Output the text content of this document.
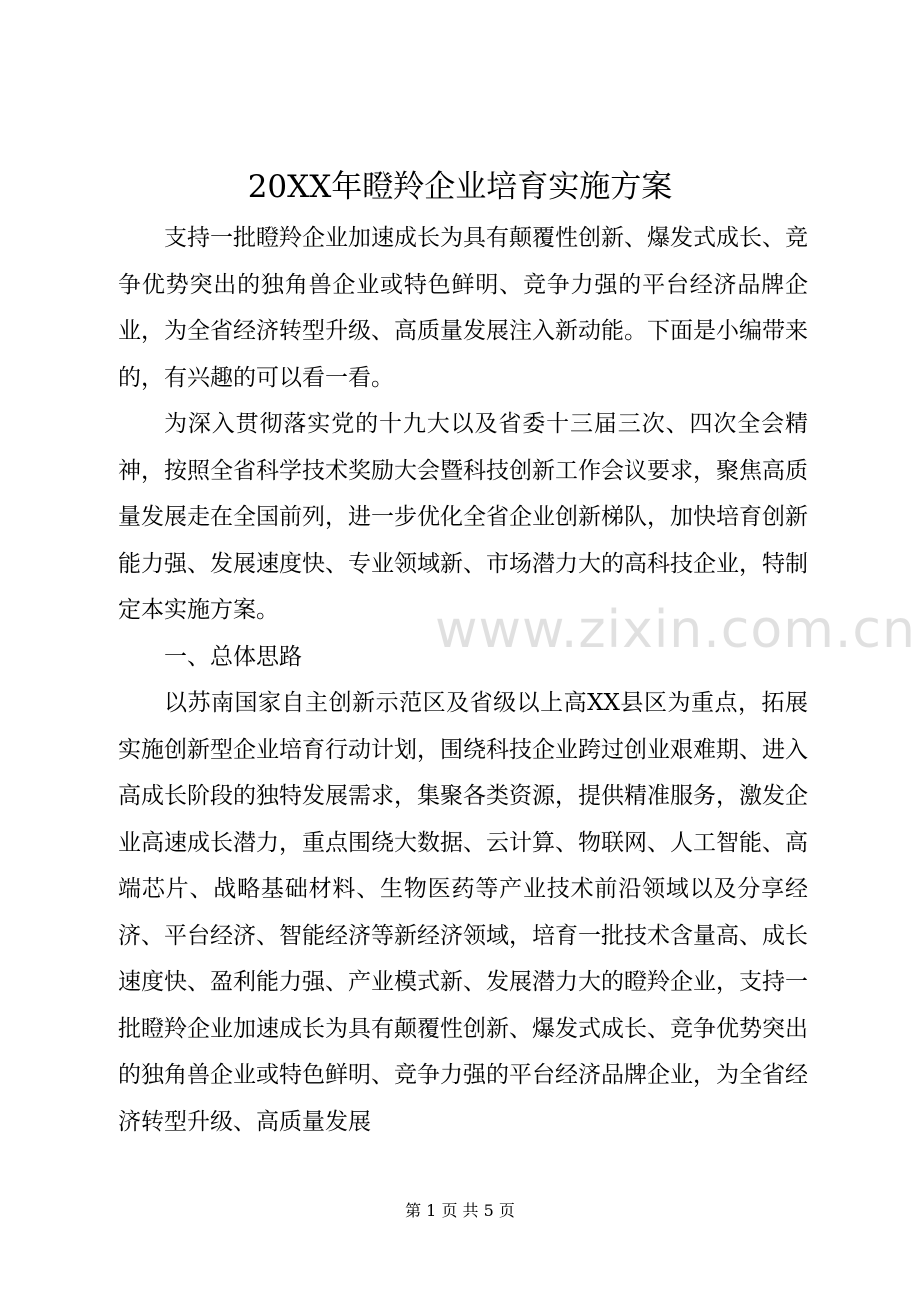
20XX年瞪羚企业培育实施方案

支持一批瞪羚企业加速成长为具有颠覆性创新、爆发式成长、竞争优势突出的独角兽企业或特色鲜明、竞争力强的平台经济品牌企业，为全省经济转型升级、高质量发展注入新动能。下面是小编带来的，有兴趣的可以看一看。

为深入贯彻落实党的十九大以及省委十三届三次、四次全会精神，按照全省科学技术奖励大会暨科技创新工作会议要求，聚焦高质量发展走在全国前列，进一步优化全省企业创新梯队，加快培育创新能力强、发展速度快、专业领域新、市场潜力大的高科技企业，特制定本实施方案。

一、总体思路

以苏南国家自主创新示范区及省级以上高XX县区为重点，拓展实施创新型企业培育行动计划，围绕科技企业跨过创业艰难期、进入高成长阶段的独特发展需求，集聚各类资源，提供精准服务，激发企业高速成长潜力，重点围绕大数据、云计算、物联网、人工智能、高端芯片、战略基础材料、生物医药等产业技术前沿领域以及分享经济、平台经济、智能经济等新经济领域，培育一批技术含量高、成长速度快、盈利能力强、产业模式新、发展潜力大的瞪羚企业，支持一批瞪羚企业加速成长为具有颠覆性创新、爆发式成长、竞争优势突出的独角兽企业或特色鲜明、竞争力强的平台经济品牌企业，为全省经济转型升级、高质量发展

www.zixin.com.cn
第 1 页 共 5 页
